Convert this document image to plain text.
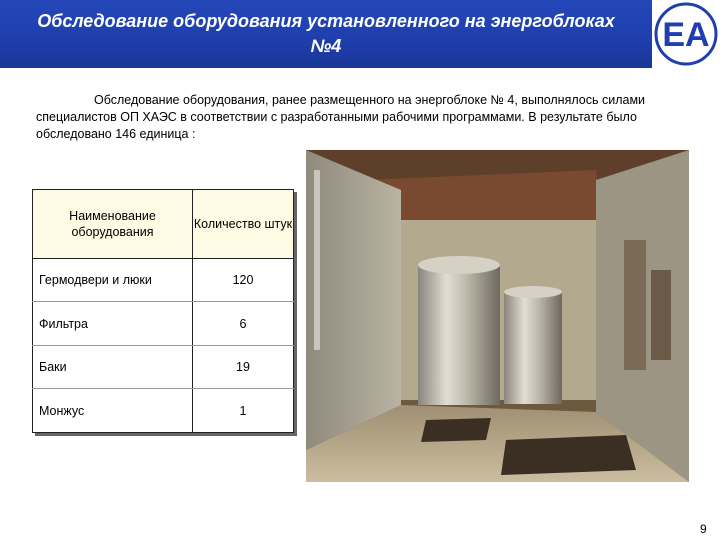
Обследование оборудования установленного на энергоблоках
№4	ЕА
Обследование оборудования, ранее размещенного на энергоблоке № 4, выполнялось силами специалистов ОП ХАЭС в соответствии с разработанными рабочими программами. В результате было обследовано 146 единица :
Наименование оборудования	Количество штук
Гермодвери и люки	120
Фильтра	6
Баки	19
Монжус	1
9
